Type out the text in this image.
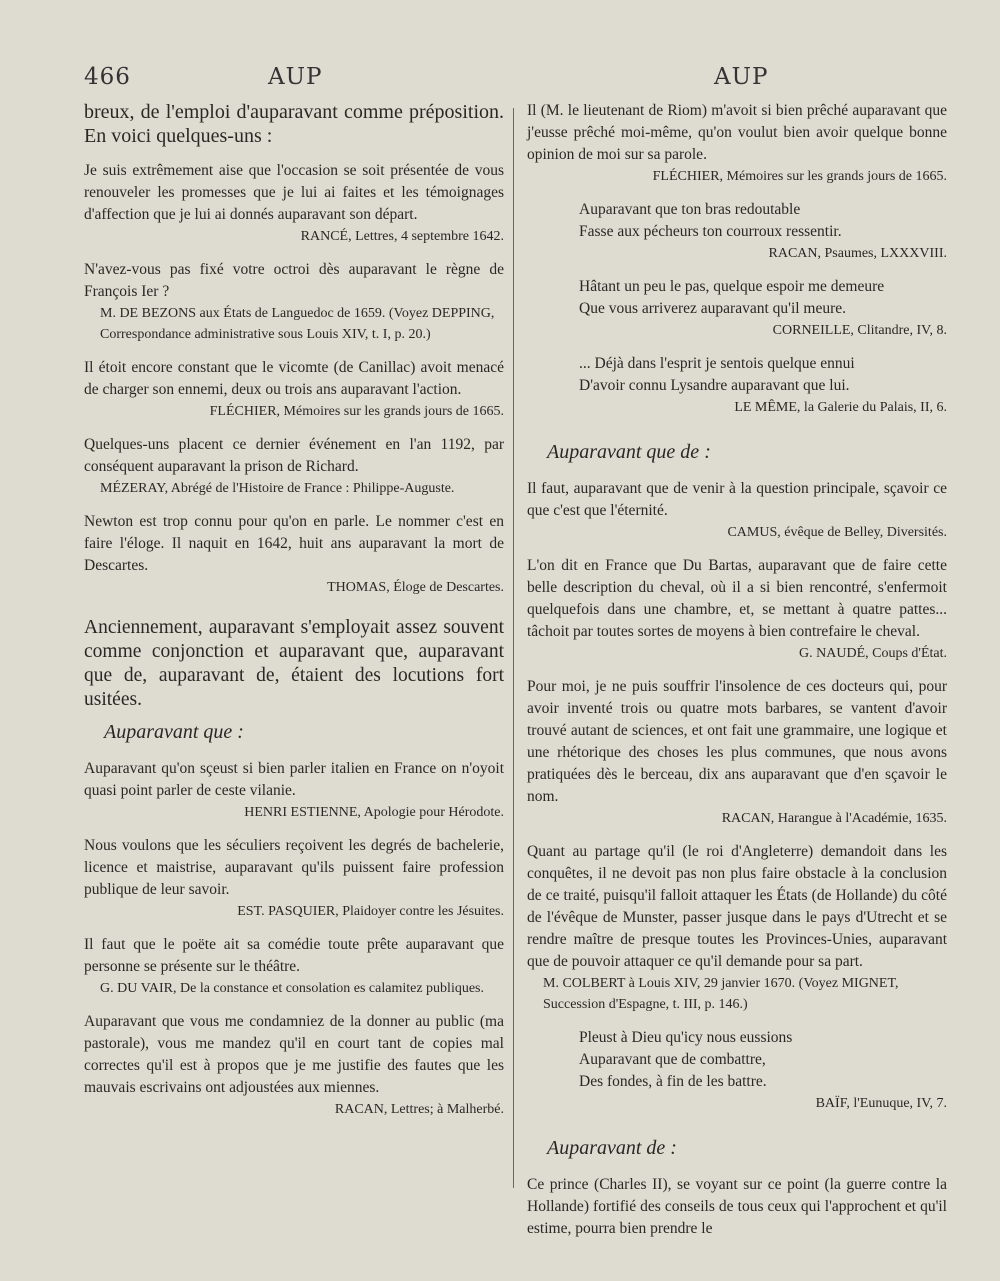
466	AUP	AUP

breux, de l'emploi d'auparavant comme préposition. En voici quelques-uns :

Je suis extrêmement aise que l'occasion se soit présentée de vous renouveler les promesses que je lui ai faites et les témoignages d'affection que je lui ai donnés auparavant son départ.

RANCÉ, Lettres, 4 septembre 1642.

N'avez-vous pas fixé votre octroi dès auparavant le règne de François Ier ?

M. DE BEZONS aux États de Languedoc de 1659. (Voyez DEPPING, Correspondance administrative sous Louis XIV, t. I, p. 20.)

Il étoit encore constant que le vicomte (de Canillac) avoit menacé de charger son ennemi, deux ou trois ans auparavant l'action.

FLÉCHIER, Mémoires sur les grands jours de 1665.

Quelques-uns placent ce dernier événement en l'an 1192, par conséquent auparavant la prison de Richard.

MÉZERAY, Abrégé de l'Histoire de France : Philippe-Auguste.

Newton est trop connu pour qu'on en parle. Le nommer c'est en faire l'éloge. Il naquit en 1642, huit ans auparavant la mort de Descartes.

THOMAS, Éloge de Descartes.

Anciennement, auparavant s'employait assez souvent comme conjonction et auparavant que, auparavant que de, auparavant de, étaient des locutions fort usitées.

Auparavant que :

Auparavant qu'on sçeust si bien parler italien en France on n'oyoit quasi point parler de ceste vilanie.

HENRI ESTIENNE, Apologie pour Hérodote.

Nous voulons que les séculiers reçoivent les degrés de bachelerie, licence et maistrise, auparavant qu'ils puissent faire profession publique de leur savoir.

EST. PASQUIER, Plaidoyer contre les Jésuites.

Il faut que le poëte ait sa comédie toute prête auparavant que personne se présente sur le théâtre.

G. DU VAIR, De la constance et consolation es calamitez publiques.

Auparavant que vous me condamniez de la donner au public (ma pastorale), vous me mandez qu'il en court tant de copies mal correctes qu'il est à propos que je me justifie des fautes que les mauvais escrivains ont adjoustées aux miennes.

RACAN, Lettres; à Malherbé.

Il (M. le lieutenant de Riom) m'avoit si bien prêché auparavant que j'eusse prêché moi-même, qu'on voulut bien avoir quelque bonne opinion de moi sur sa parole.

FLÉCHIER, Mémoires sur les grands jours de 1665.

Auparavant que ton bras redoutable
Fasse aux pécheurs ton courroux ressentir.

RACAN, Psaumes, LXXXVIII.

Hâtant un peu le pas, quelque espoir me demeure
Que vous arriverez auparavant qu'il meure.

CORNEILLE, Clitandre, IV, 8.

... Déjà dans l'esprit je sentois quelque ennui
D'avoir connu Lysandre auparavant que lui.

LE MÊME, la Galerie du Palais, II, 6.

Auparavant que de :

Il faut, auparavant que de venir à la question principale, sçavoir ce que c'est que l'éternité.

CAMUS, évêque de Belley, Diversités.

L'on dit en France que Du Bartas, auparavant que de faire cette belle description du cheval, où il a si bien rencontré, s'enfermoit quelquefois dans une chambre, et, se mettant à quatre pattes... tâchoit par toutes sortes de moyens à bien contrefaire le cheval.

G. NAUDÉ, Coups d'État.

Pour moi, je ne puis souffrir l'insolence de ces docteurs qui, pour avoir inventé trois ou quatre mots barbares, se vantent d'avoir trouvé autant de sciences, et ont fait une grammaire, une logique et une rhétorique des choses les plus communes, que nous avons pratiquées dès le berceau, dix ans auparavant que d'en sçavoir le nom.

RACAN, Harangue à l'Académie, 1635.

Quant au partage qu'il (le roi d'Angleterre) demandoit dans les conquêtes, il ne devoit pas non plus faire obstacle à la conclusion de ce traité, puisqu'il falloit attaquer les États (de Hollande) du côté de l'évêque de Munster, passer jusque dans le pays d'Utrecht et se rendre maître de presque toutes les Provinces-Unies, auparavant que de pouvoir attaquer ce qu'il demande pour sa part.

M. COLBERT à Louis XIV, 29 janvier 1670. (Voyez MIGNET, Succession d'Espagne, t. III, p. 146.)

Pleust à Dieu qu'icy nous eussions
Auparavant que de combattre,
Des fondes, à fin de les battre.

BAÏF, l'Eunuque, IV, 7.

Auparavant de :

Ce prince (Charles II), se voyant sur ce point (la guerre contre la Hollande) fortifié des conseils de tous ceux qui l'approchent et qu'il estime, pourra bien prendre le
